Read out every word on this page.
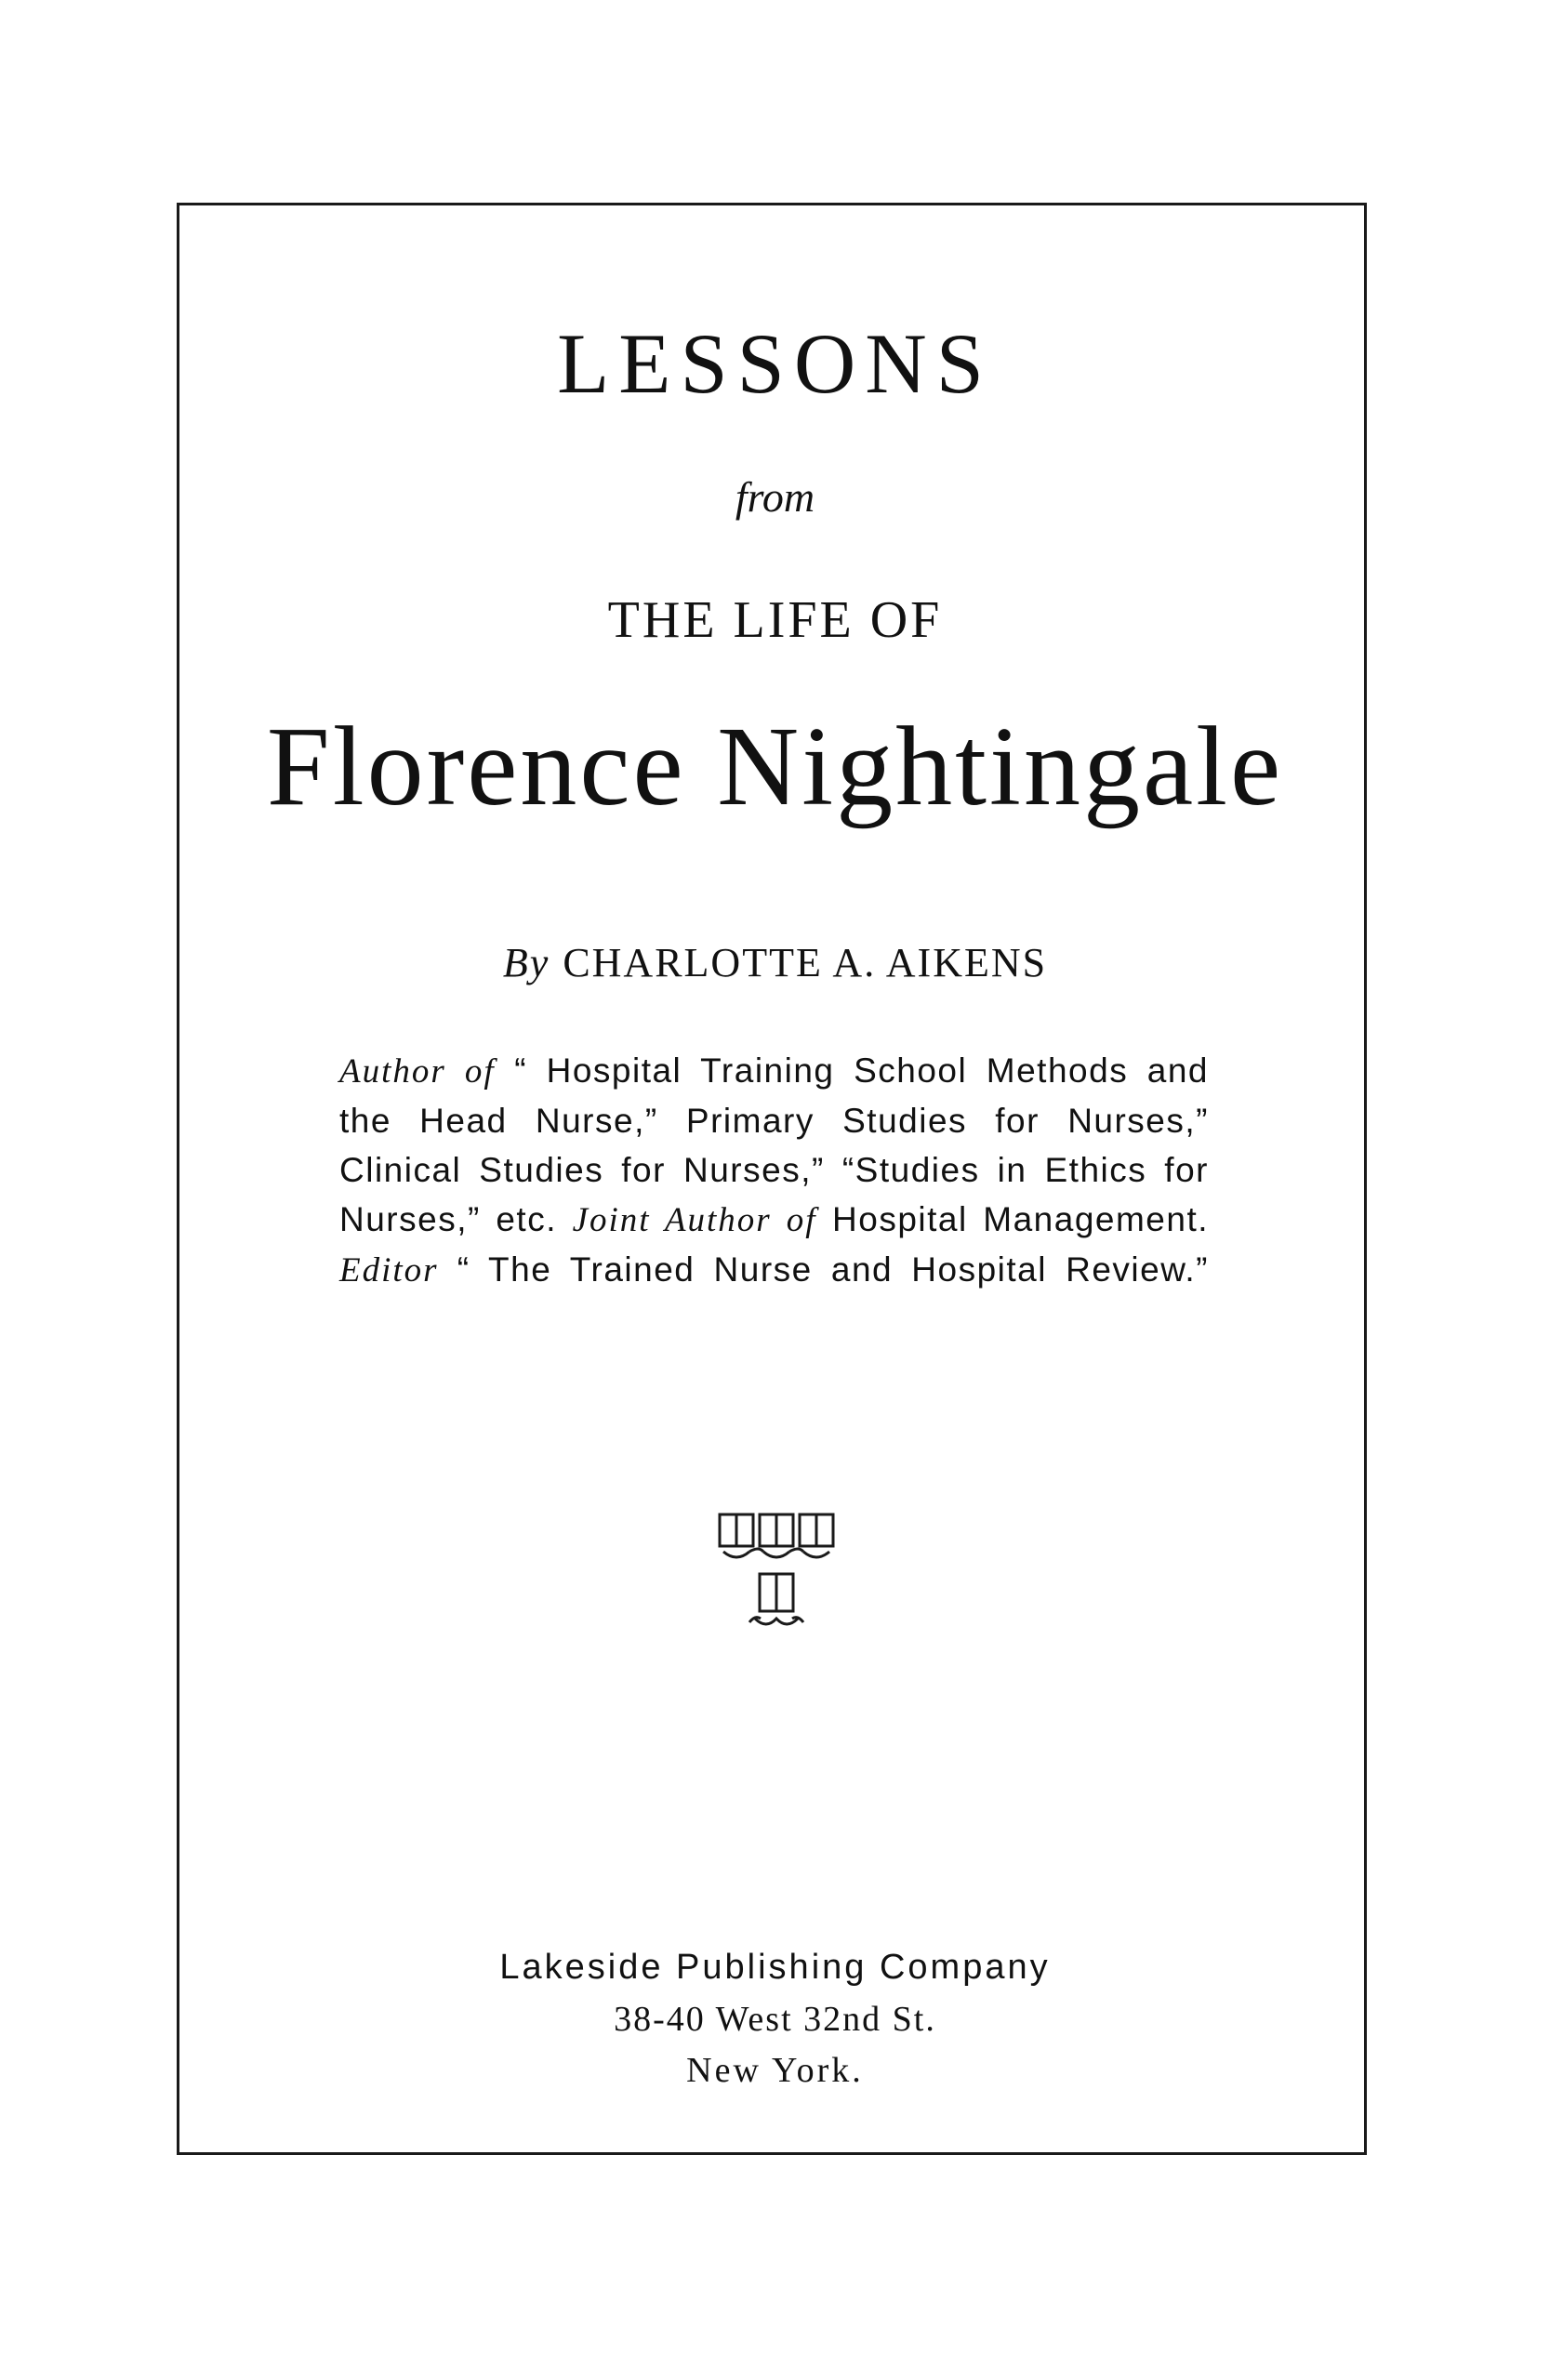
LESSONS
from
THE LIFE OF
Florence Nightingale
By CHARLOTTE A. AIKENS
Author of “ Hospital Training School Methods and
the Head Nurse,” Primary Studies for Nurses,”
Clinical Studies for Nurses,” “Studies in Ethics for
Nurses,” etc. Joint Author of Hospital Management.
Editor “ The Trained Nurse and Hospital Review.”
Lakeside Publishing Company
38-40 West 32nd St.
New York.
